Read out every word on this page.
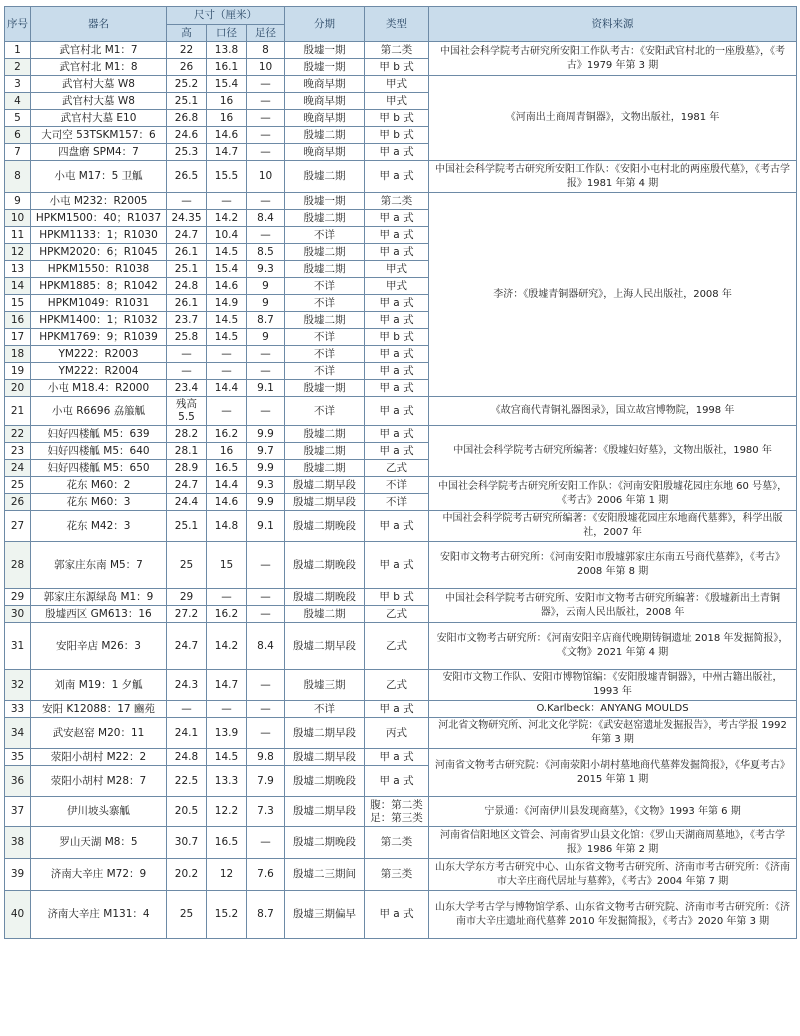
序号	器名	尺寸（厘米）			分期	类型	资料来源
		高	口径	足径			
1	武官村北 M1：7	22	13.8	8	殷墟一期	第二类	中国社会科学院考古研究所安阳工作队考古：《安阳武官村北的一座殷墓》，《考古》1979 年第 3 期
2	武官村北 M1：8	26	16.1	10	殷墟一期	甲 b 式	
3	武官村大墓 W8	25.2	15.4	—	晚商早期	甲式	《河南出土商周青铜器》，文物出版社，1981 年
4	武官村大墓 W8	25.1	16	—	晚商早期	甲式	
5	武官村大墓 E10	26.8	16	—	晚商早期	甲 b 式	
6	大司空 53TSKM157：6	24.6	14.6	—	殷墟二期	甲 b 式	
7	四盘磨 SPM4：7	25.3	14.7	—	晚商早期	甲 a 式	
8	小屯 M17：5 卫觚	26.5	15.5	10	殷墟二期	甲 a 式	中国社会科学院考古研究所安阳工作队：《安阳小屯村北的两座殷代墓》，《考古学报》1981 年第 4 期
9	小屯 M232：R2005	—	—	—	殷墟一期	第二类	李济：《殷墟青铜器研究》，上海人民出版社，2008 年
10	HPKM1500：40；R1037	24.35	14.2	8.4	殷墟二期	甲 a 式	
11	HPKM1133：1；R1030	24.7	10.4	—	不详	甲 a 式	
12	HPKM2020：6；R1045	26.1	14.5	8.5	殷墟二期	甲 a 式	
13	HPKM1550：R1038	25.1	15.4	9.3	殷墟二期	甲式	
14	HPKM1885：8；R1042	24.8	14.6	9	不详	甲式	
15	HPKM1049：R1031	26.1	14.9	9	不详	甲 a 式	
16	HPKM1400：1；R1032	23.7	14.5	8.7	殷墟二期	甲 a 式	
17	HPKM1769：9；R1039	25.8	14.5	9	不详	甲 b 式	
18	YM222：R2003	—	—	—	不详	甲 a 式	
19	YM222：R2004	—	—	—	不详	甲 a 式	
20	小屯 M18.4：R2000	23.4	14.4	9.1	殷墟一期	甲 a 式	
21	小屯 R6696 劦箙觚	残高 5.5	—	—	不详	甲 a 式	《故宫商代青铜礼器图录》，国立故宫博物院，1998 年
22	妇好四楼觚 M5：639	28.2	16.2	9.9	殷墟二期	甲 a 式	中国社会科学院考古研究所编著：《殷墟妇好墓》，文物出版社，1980 年
23	妇好四楼觚 M5：640	28.1	16	9.7	殷墟二期	甲 a 式	
24	妇好四楼觚 M5：650	28.9	16.5	9.9	殷墟二期	乙式	
25	花东 M60：2	24.7	14.4	9.3	殷墟二期早段	不详	中国社会科学院考古研究所安阳工作队：《河南安阳殷墟花园庄东地 60 号墓》，《考古》2006 年第 1 期
26	花东 M60：3	24.4	14.6	9.9	殷墟二期早段	不详	
27	花东 M42：3	25.1	14.8	9.1	殷墟二期晚段	甲 a 式	中国社会科学院考古研究所编著：《安阳殷墟花园庄东地商代墓葬》，科学出版社，2007 年
28	郭家庄东南 M5：7	25	15	—	殷墟二期晚段	甲 a 式	安阳市文物考古研究所：《河南安阳市殷墟郭家庄东南五号商代墓葬》，《考古》2008 年第 8 期
29	郭家庄东源绿岛 M1：9	29	—	—	殷墟二期晚段	甲 b 式	中国社会科学院考古研究所、安阳市文物考古研究所编著：《殷墟新出土青铜器》，云南人民出版社，2008 年
30	殷墟西区 GM613：16	27.2	16.2	—	殷墟二期	乙式	
31	安阳辛店 M26：3	24.7	14.2	8.4	殷墟二期早段	乙式	安阳市文物考古研究所：《河南安阳辛店商代晚期铸铜遗址 2018 年发掘简报》，《文物》2021 年第 4 期
32	刘南 M19：1 夕觚	24.3	14.7	—	殷墟三期	乙式	安阳市文物工作队、安阳市博物馆编：《安阳殷墟青铜器》，中州古籍出版社，1993 年
33	安阳 K12088：17 豳苑	—	—	—	不详	甲 a 式	O.Karlbeck：ANYANG MOULDS
34	武安赵窑 M20：11	24.1	13.9	—	殷墟二期早段	丙式	河北省文物研究所、河北文化学院：《武安赵窑遗址发掘报告》，考古学报 1992 年第 3 期
35	荥阳小胡村 M22：2	24.8	14.5	9.8	殷墟二期早段	甲 a 式	河南省文物考古研究院：《河南荥阳小胡村墓地商代墓葬发掘简报》，《华夏考古》2015 年第 1 期
36	荥阳小胡村 M28：7	22.5	13.3	7.9	殷墟二期晚段	甲 a 式	
37	伊川坡头寨觚	20.5	12.2	7.3	殷墟二期早段	腹：第二类 足：第三类	宁景通：《河南伊川县发现商墓》，《文物》1993 年第 6 期
38	罗山天湖 M8：5	30.7	16.5	—	殷墟二期晚段	第二类	河南省信阳地区文管会、河南省罗山县文化馆：《罗山天湖商周墓地》，《考古学报》1986 年第 2 期
39	济南大辛庄 M72：9	20.2	12	7.6	殷墟二三期间	第三类	山东大学东方考古研究中心、山东省文物考古研究所、济南市考古研究所：《济南市大辛庄商代居址与墓葬》，《考古》2004 年第 7 期
40	济南大辛庄 M131：4	25	15.2	8.7	殷墟三期偏早	甲 a 式	山东大学考古学与博物馆学系、山东省文物考古研究院、济南市考古研究所：《济南市大辛庄遗址商代墓葬 2010 年发掘简报》，《考古》2020 年第 3 期
